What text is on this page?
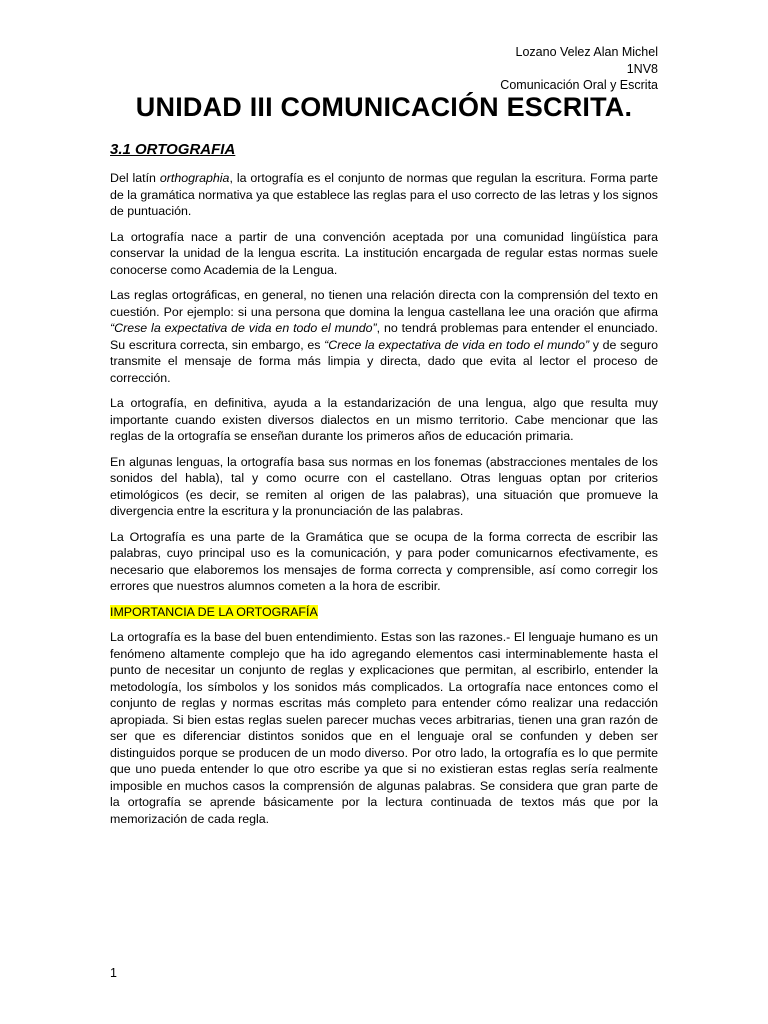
Lozano Velez Alan Michel
1NV8
Comunicación Oral y Escrita
UNIDAD III COMUNICACIÓN ESCRITA.
3.1 ORTOGRAFIA

Del latín orthographia, la ortografía es el conjunto de normas que regulan la escritura. Forma parte de la gramática normativa ya que establece las reglas para el uso correcto de las letras y los signos de puntuación.

La ortografía nace a partir de una convención aceptada por una comunidad lingüística para conservar la unidad de la lengua escrita. La institución encargada de regular estas normas suele conocerse como Academia de la Lengua.

Las reglas ortográficas, en general, no tienen una relación directa con la comprensión del texto en cuestión. Por ejemplo: si una persona que domina la lengua castellana lee una oración que afirma “Crese la expectativa de vida en todo el mundo”, no tendrá problemas para entender el enunciado. Su escritura correcta, sin embargo, es “Crece la expectativa de vida en todo el mundo” y de seguro transmite el mensaje de forma más limpia y directa, dado que evita al lector el proceso de corrección.

La ortografía, en definitiva, ayuda a la estandarización de una lengua, algo que resulta muy importante cuando existen diversos dialectos en un mismo territorio. Cabe mencionar que las reglas de la ortografía se enseñan durante los primeros años de educación primaria.

En algunas lenguas, la ortografía basa sus normas en los fonemas (abstracciones mentales de los sonidos del habla), tal y como ocurre con el castellano. Otras lenguas optan por criterios etimológicos (es decir, se remiten al origen de las palabras), una situación que promueve la divergencia entre la escritura y la pronunciación de las palabras.

La Ortografía es una parte de la Gramática que se ocupa de la forma correcta de escribir las palabras, cuyo principal uso es la comunicación, y para poder comunicarnos efectivamente, es necesario que elaboremos los mensajes de forma correcta y comprensible, así como corregir los errores que nuestros alumnos cometen a la hora de escribir.

IMPORTANCIA DE LA ORTOGRAFÍA

La ortografía es la base del buen entendimiento. Estas son las razones.- El lenguaje humano es un fenómeno altamente complejo que ha ido agregando elementos casi interminablemente hasta el punto de necesitar un conjunto de reglas y explicaciones que permitan, al escribirlo, entender la metodología, los símbolos y los sonidos más complicados. La ortografía nace entonces como el conjunto de reglas y normas escritas más completo para entender cómo realizar una redacción apropiada. Si bien estas reglas suelen parecer muchas veces arbitrarias, tienen una gran razón de ser que es diferenciar distintos sonidos que en el lenguaje oral se confunden y deben ser distinguidos porque se producen de un modo diverso. Por otro lado, la ortografía es lo que permite que uno pueda entender lo que otro escribe ya que si no existieran estas reglas sería realmente imposible en muchos casos la comprensión de algunas palabras. Se considera que gran parte de la ortografía se aprende básicamente por la lectura continuada de textos más que por la memorización de cada regla.

1
